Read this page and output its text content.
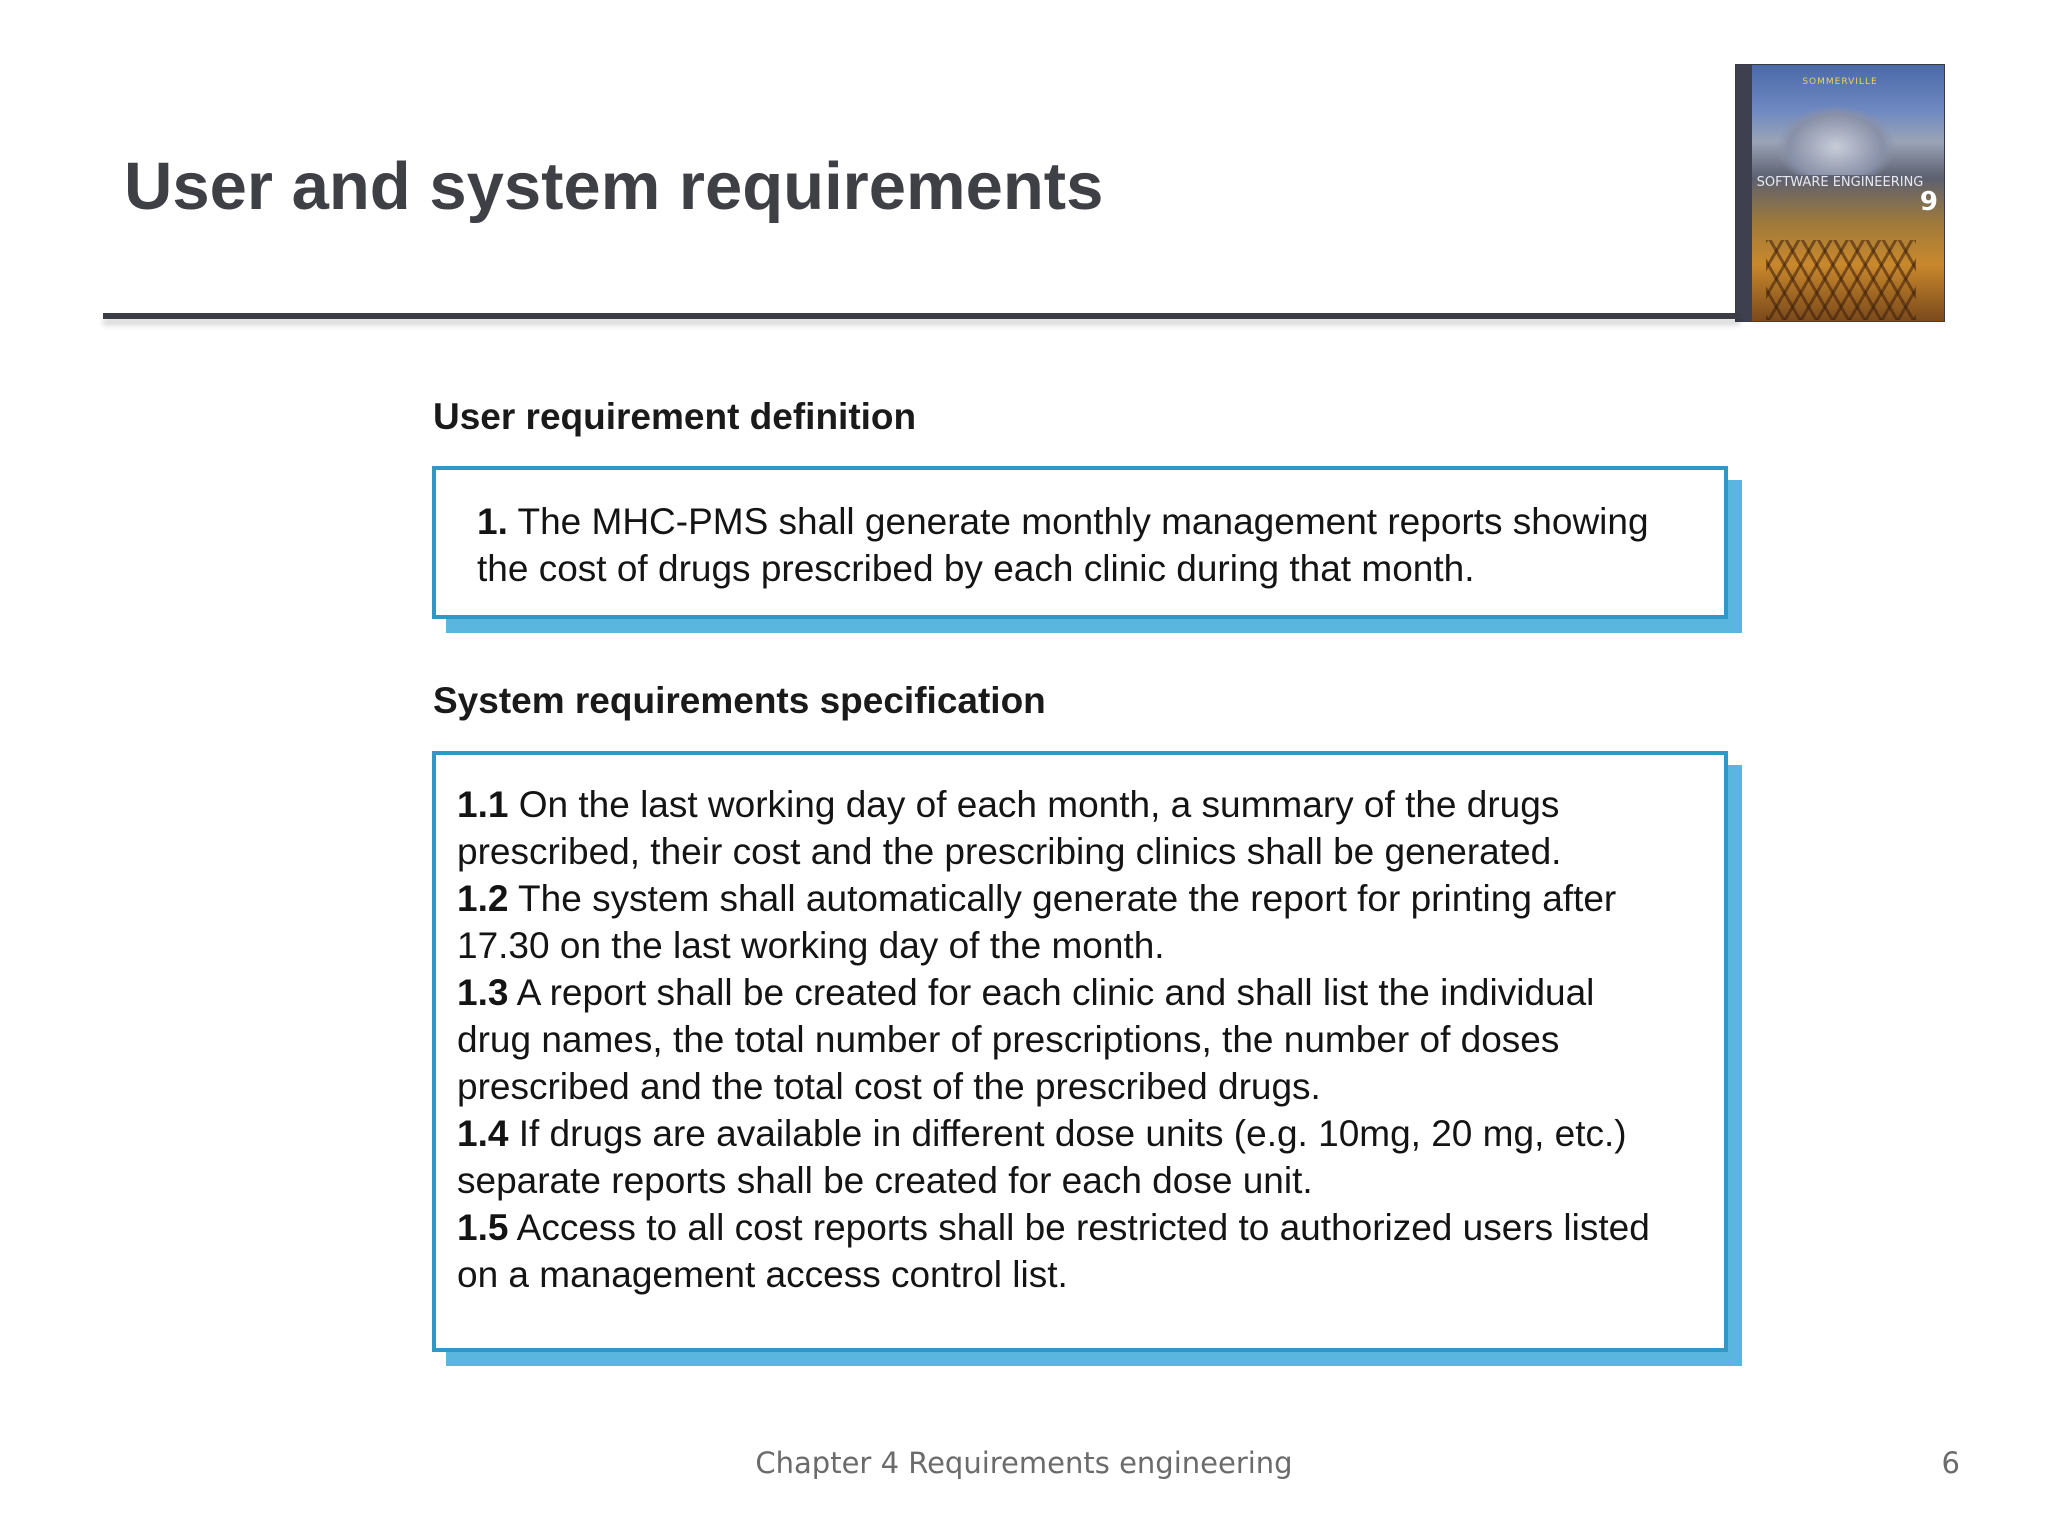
User and system requirements
SOMMERVILLE
SOFTWARE ENGINEERING
9
User requirement definition
1. The MHC-PMS shall generate monthly management reports showing
the cost of drugs prescribed by each clinic during that month.
System requirements specification
1.1 On the last working day of each month, a summary of the drugs
prescribed, their cost and the prescribing clinics shall be generated.
1.2 The system shall automatically generate the report for printing after
17.30 on the last working day of the month.
1.3 A report shall be created for each clinic and shall list the individual
drug names, the total number of prescriptions, the number of doses
prescribed and the total cost of the prescribed drugs.
1.4 If drugs are available in different dose units (e.g. 10mg, 20 mg, etc.)
separate reports shall be created for each dose unit.
1.5 Access to all cost reports shall be restricted to authorized users listed
on a management access control list.
Chapter 4 Requirements engineering	6
